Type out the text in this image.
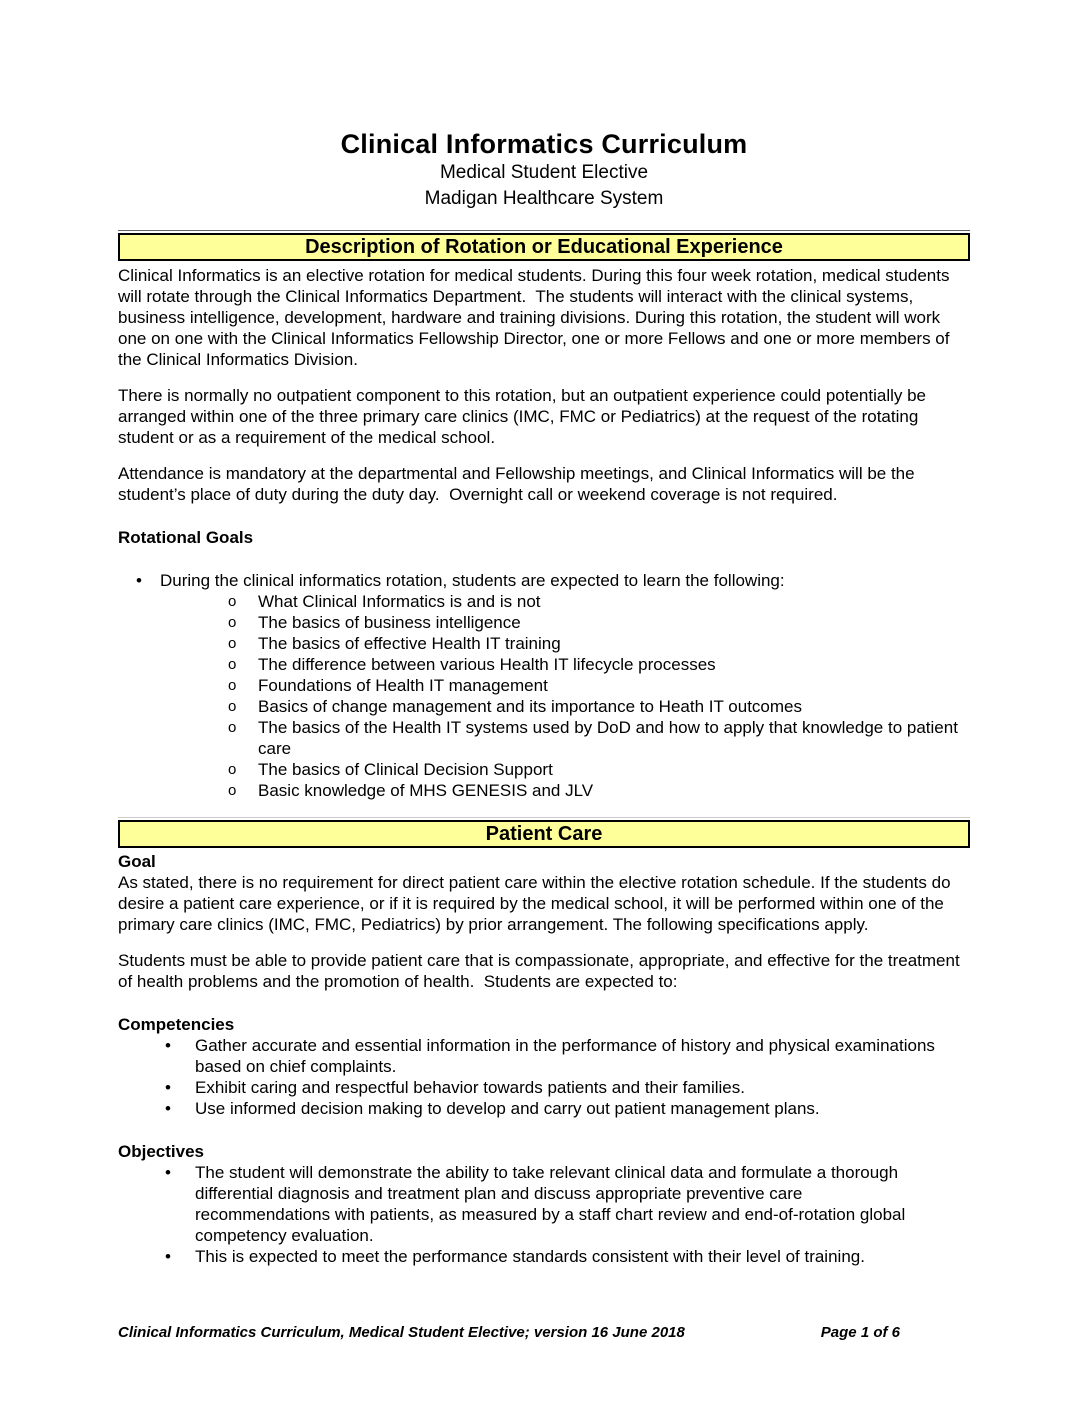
Clinical Informatics Curriculum
Medical Student Elective
Madigan Healthcare System
Description of Rotation or Educational Experience
Clinical Informatics is an elective rotation for medical students. During this four week rotation, medical students will rotate through the Clinical Informatics Department.  The students will interact with the clinical systems, business intelligence, development, hardware and training divisions. During this rotation, the student will work one on one with the Clinical Informatics Fellowship Director, one or more Fellows and one or more members of the Clinical Informatics Division.
There is normally no outpatient component to this rotation, but an outpatient experience could potentially be arranged within one of the three primary care clinics (IMC, FMC or Pediatrics) at the request of the rotating student or as a requirement of the medical school.
Attendance is mandatory at the departmental and Fellowship meetings, and Clinical Informatics will be the student’s place of duty during the duty day.  Overnight call or weekend coverage is not required.
Rotational Goals
• During the clinical informatics rotation, students are expected to learn the following:
o What Clinical Informatics is and is not
o The basics of business intelligence
o The basics of effective Health IT training
o The difference between various Health IT lifecycle processes
o Foundations of Health IT management
o Basics of change management and its importance to Heath IT outcomes
o The basics of the Health IT systems used by DoD and how to apply that knowledge to patient care
o The basics of Clinical Decision Support
o Basic knowledge of MHS GENESIS and JLV
Patient Care
Goal
As stated, there is no requirement for direct patient care within the elective rotation schedule. If the students do desire a patient care experience, or if it is required by the medical school, it will be performed within one of the primary care clinics (IMC, FMC, Pediatrics) by prior arrangement. The following specifications apply.
Students must be able to provide patient care that is compassionate, appropriate, and effective for the treatment of health problems and the promotion of health.  Students are expected to:
Competencies
• Gather accurate and essential information in the performance of history and physical examinations based on chief complaints.
• Exhibit caring and respectful behavior towards patients and their families.
• Use informed decision making to develop and carry out patient management plans.
Objectives
• The student will demonstrate the ability to take relevant clinical data and formulate a thorough differential diagnosis and treatment plan and discuss appropriate preventive care recommendations with patients, as measured by a staff chart review and end-of-rotation global competency evaluation.
• This is expected to meet the performance standards consistent with their level of training.
Clinical Informatics Curriculum, Medical Student Elective; version 16 June 2018	Page 1 of 6
